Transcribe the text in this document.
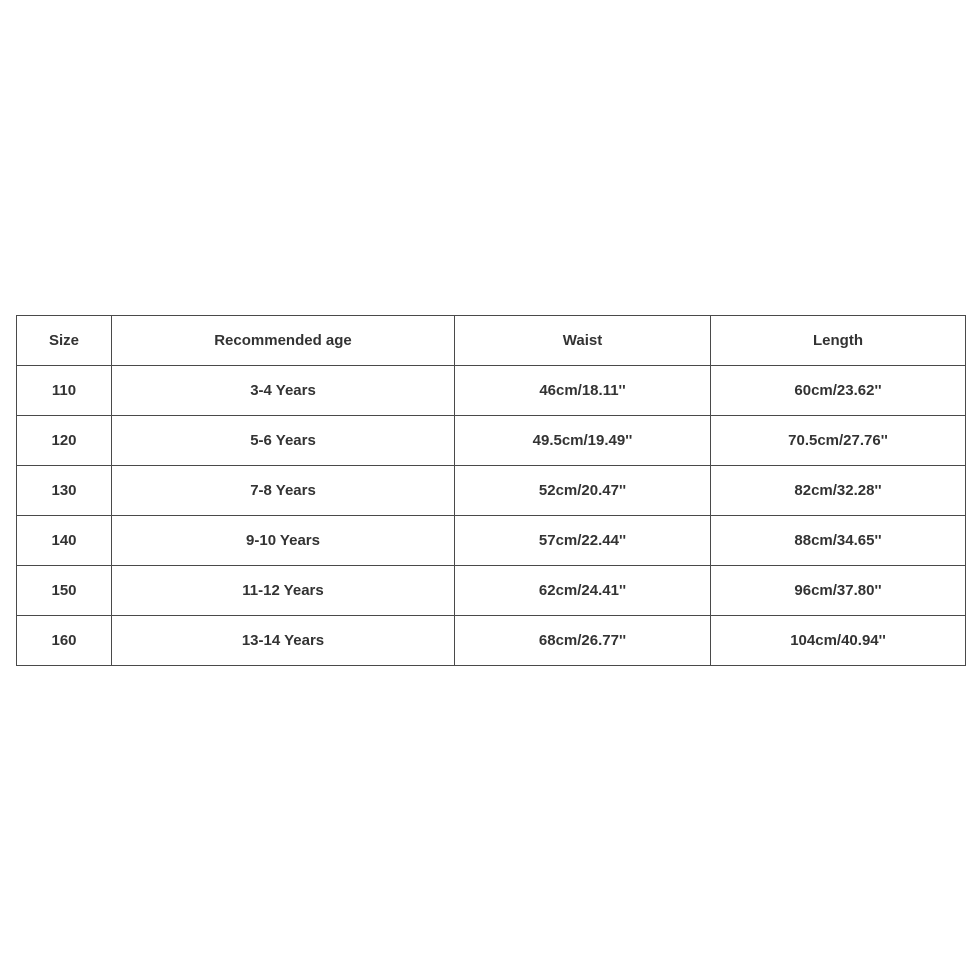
Size	Recommended age	Waist	Length
110	3-4 Years	46cm/18.11''	60cm/23.62''
120	5-6 Years	49.5cm/19.49''	70.5cm/27.76''
130	7-8 Years	52cm/20.47''	82cm/32.28''
140	9-10 Years	57cm/22.44''	88cm/34.65''
150	11-12 Years	62cm/24.41''	96cm/37.80''
160	13-14 Years	68cm/26.77''	104cm/40.94''
